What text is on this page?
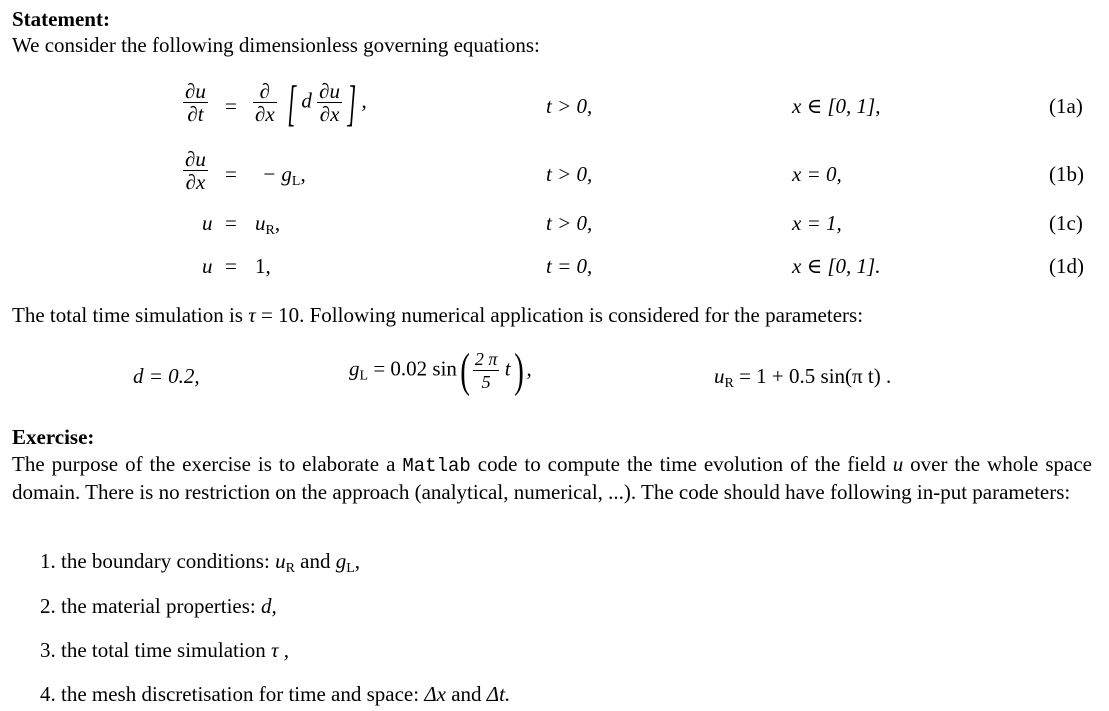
Statement:
We consider the following dimensionless governing equations:
$\frac{\partial u}{\partial t} = \frac{\partial}{\partial x}$ [ d $\frac{\partial u}{\partial x}$ ] ,	t > 0,	x ∈ [0, 1],	(1a)
$\frac{\partial u}{\partial x}$ = − $g_L$,	t > 0,	x = 0,	(1b)
$u = u_R$,	t > 0,	x = 1,	(1c)
u = 1,	t = 0,	x ∈ [0, 1].	(1d)
The total time simulation is τ = 10. Following numerical application is considered for the parameters:
d = 0.2,	$g_L = 0.02$ $\sin( \frac{2 \pi}{5} t)$ ,	$u_R = 1 + 0.5$ sin(π t) .
Exercise:
The purpose of the exercise is to elaborate a Matlab code to compute the time evolution of the field u over the whole space domain. There is no restriction on the approach (analytical, numerical, ...). The code should have following in-put parameters:
1. the boundary conditions: $u_R$ and $g_L$,
2. the material properties: d,
3. the total time simulation τ ,
4. the mesh discretisation for time and space: Δx and Δt.
